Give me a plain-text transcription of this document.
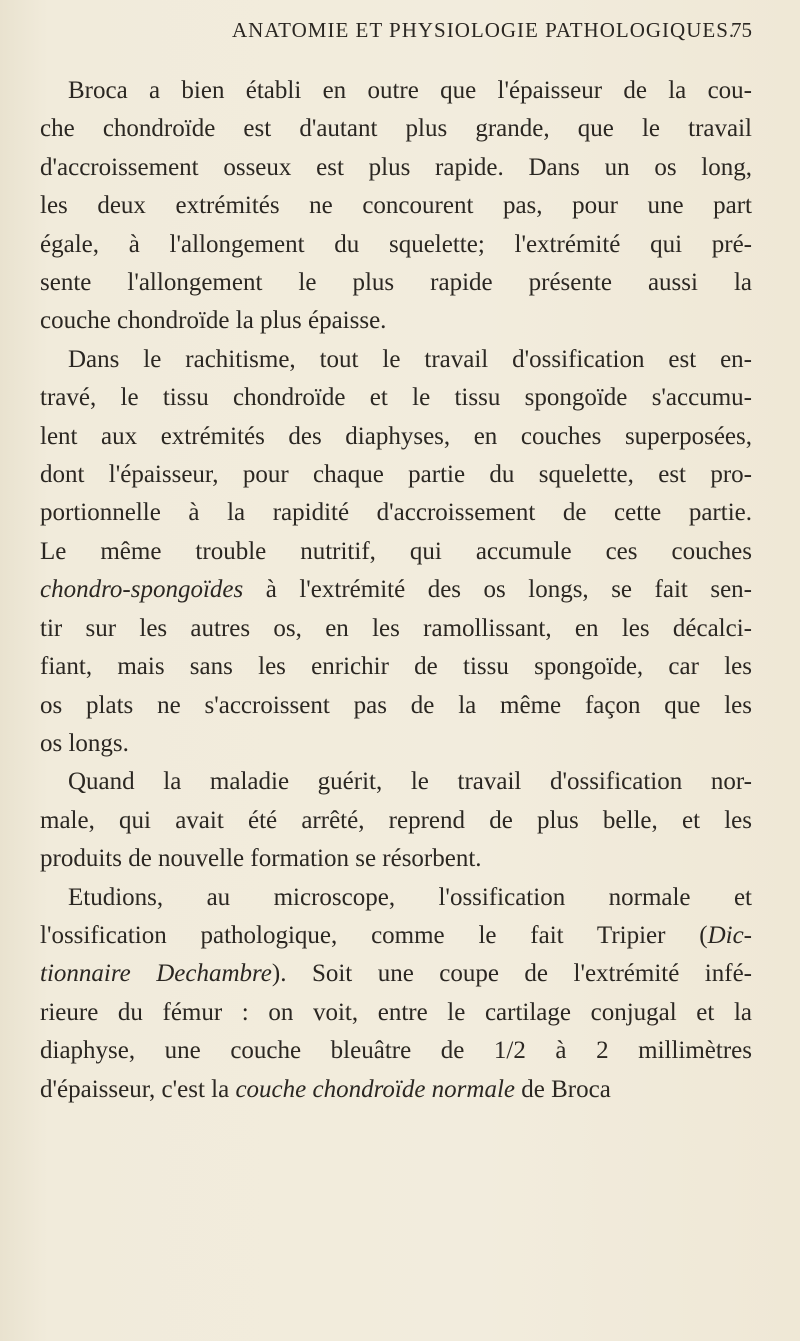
ANATOMIE ET PHYSIOLOGIE PATHOLOGIQUES.
75

Broca a bien établi en outre que l'épaisseur de la cou-
che chondroïde est d'autant plus grande, que le travail
d'accroissement osseux est plus rapide. Dans un os long,
les deux extrémités ne concourent pas, pour une part
égale, à l'allongement du squelette; l'extrémité qui pré-
sente l'allongement le plus rapide présente aussi la
couche chondroïde la plus épaisse.

Dans le rachitisme, tout le travail d'ossification est en-
travé, le tissu chondroïde et le tissu spongoïde s'accumu-
lent aux extrémités des diaphyses, en couches superposées,
dont l'épaisseur, pour chaque partie du squelette, est pro-
portionnelle à la rapidité d'accroissement de cette partie.
Le même trouble nutritif, qui accumule ces couches
chondro-spongoïdes à l'extrémité des os longs, se fait sen-
tir sur les autres os, en les ramollissant, en les décalci-
fiant, mais sans les enrichir de tissu spongoïde, car les
os plats ne s'accroissent pas de la même façon que les
os longs.

Quand la maladie guérit, le travail d'ossification nor-
male, qui avait été arrêté, reprend de plus belle, et les
produits de nouvelle formation se résorbent.

Etudions, au microscope, l'ossification normale et
l'ossification pathologique, comme le fait Tripier (Dic-
tionnaire Dechambre). Soit une coupe de l'extrémité infé-
rieure du fémur : on voit, entre le cartilage conjugal et la
diaphyse, une couche bleuâtre de 1/2 à 2 millimètres
d'épaisseur, c'est la couche chondroïde normale de Broca
